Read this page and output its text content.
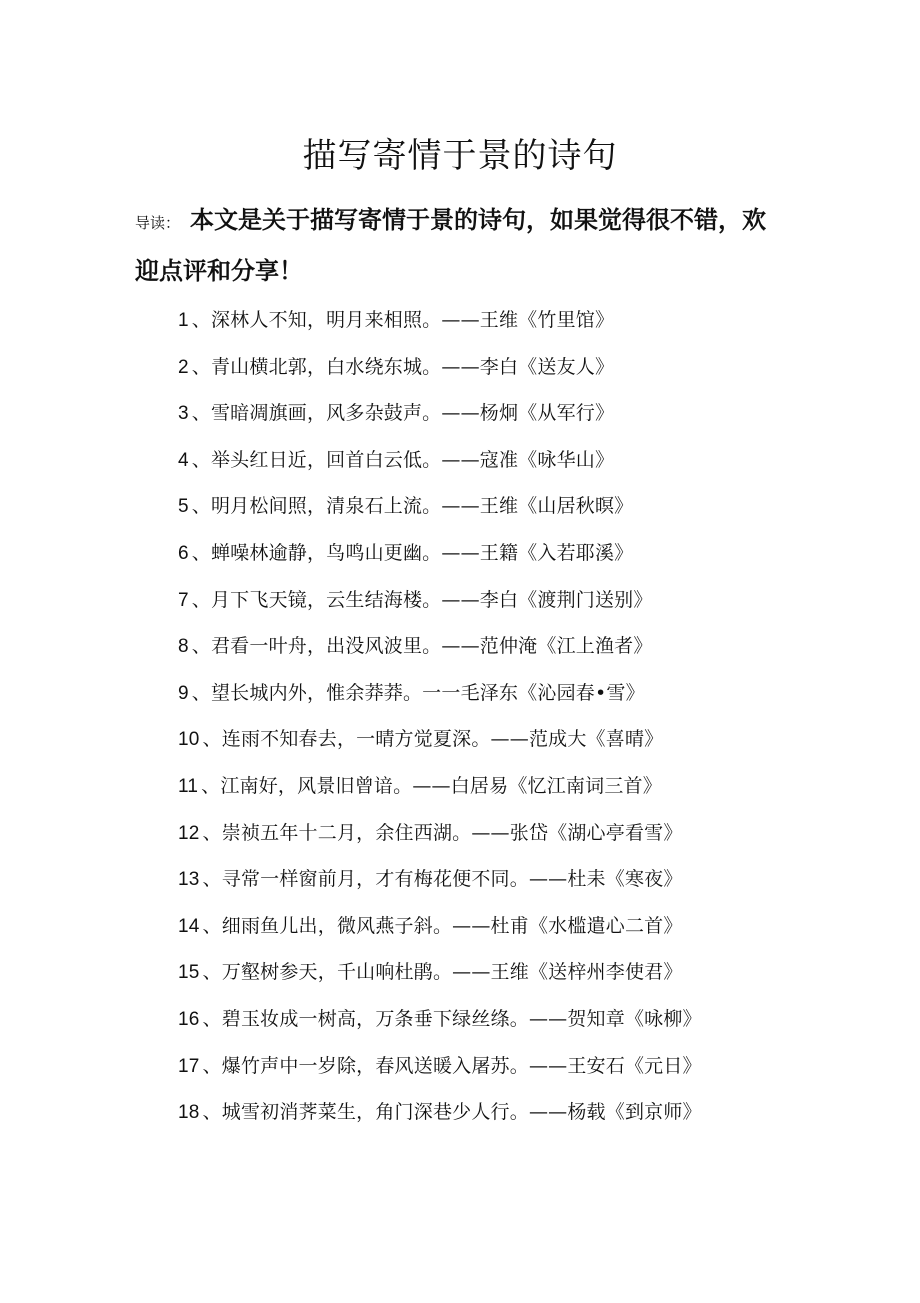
描写寄情于景的诗句
导读： 本文是关于描写寄情于景的诗句，如果觉得很不错，欢迎点评和分享！
1 、深林人不知，明月来相照。——王维《竹里馆》
2 、青山横北郭，白水绕东城。——李白《送友人》
3 、雪暗凋旗画，风多杂鼓声。——杨炯《从军行》
4 、举头红日近，回首白云低。——寇准《咏华山》
5 、明月松间照，清泉石上流。——王维《山居秋暝》
6 、蝉噪林逾静，鸟鸣山更幽。——王籍《入若耶溪》
7 、月下飞天镜，云生结海楼。——李白《渡荆门送别》
8 、君看一叶舟，出没风波里。——范仲淹《江上渔者》
9 、望长城内外，惟余莽莽。一一毛泽东《沁园春•雪》
10 、连雨不知春去，一晴方觉夏深。——范成大《喜晴》
11 、江南好，风景旧曾谙。——白居易《忆江南词三首》
12 、崇祯五年十二月，余住西湖。——张岱《湖心亭看雪》
13 、寻常一样窗前月，才有梅花便不同。——杜耒《寒夜》
14 、细雨鱼儿出，微风燕子斜。——杜甫《水槛遣心二首》
15 、万壑树参天，千山响杜鹃。——王维《送梓州李使君》
16 、碧玉妆成一树高，万条垂下绿丝绦。——贺知章《咏柳》
17 、爆竹声中一岁除，春风送暖入屠苏。——王安石《元日》
18 、城雪初消荠菜生，角门深巷少人行。——杨载《到京师》
